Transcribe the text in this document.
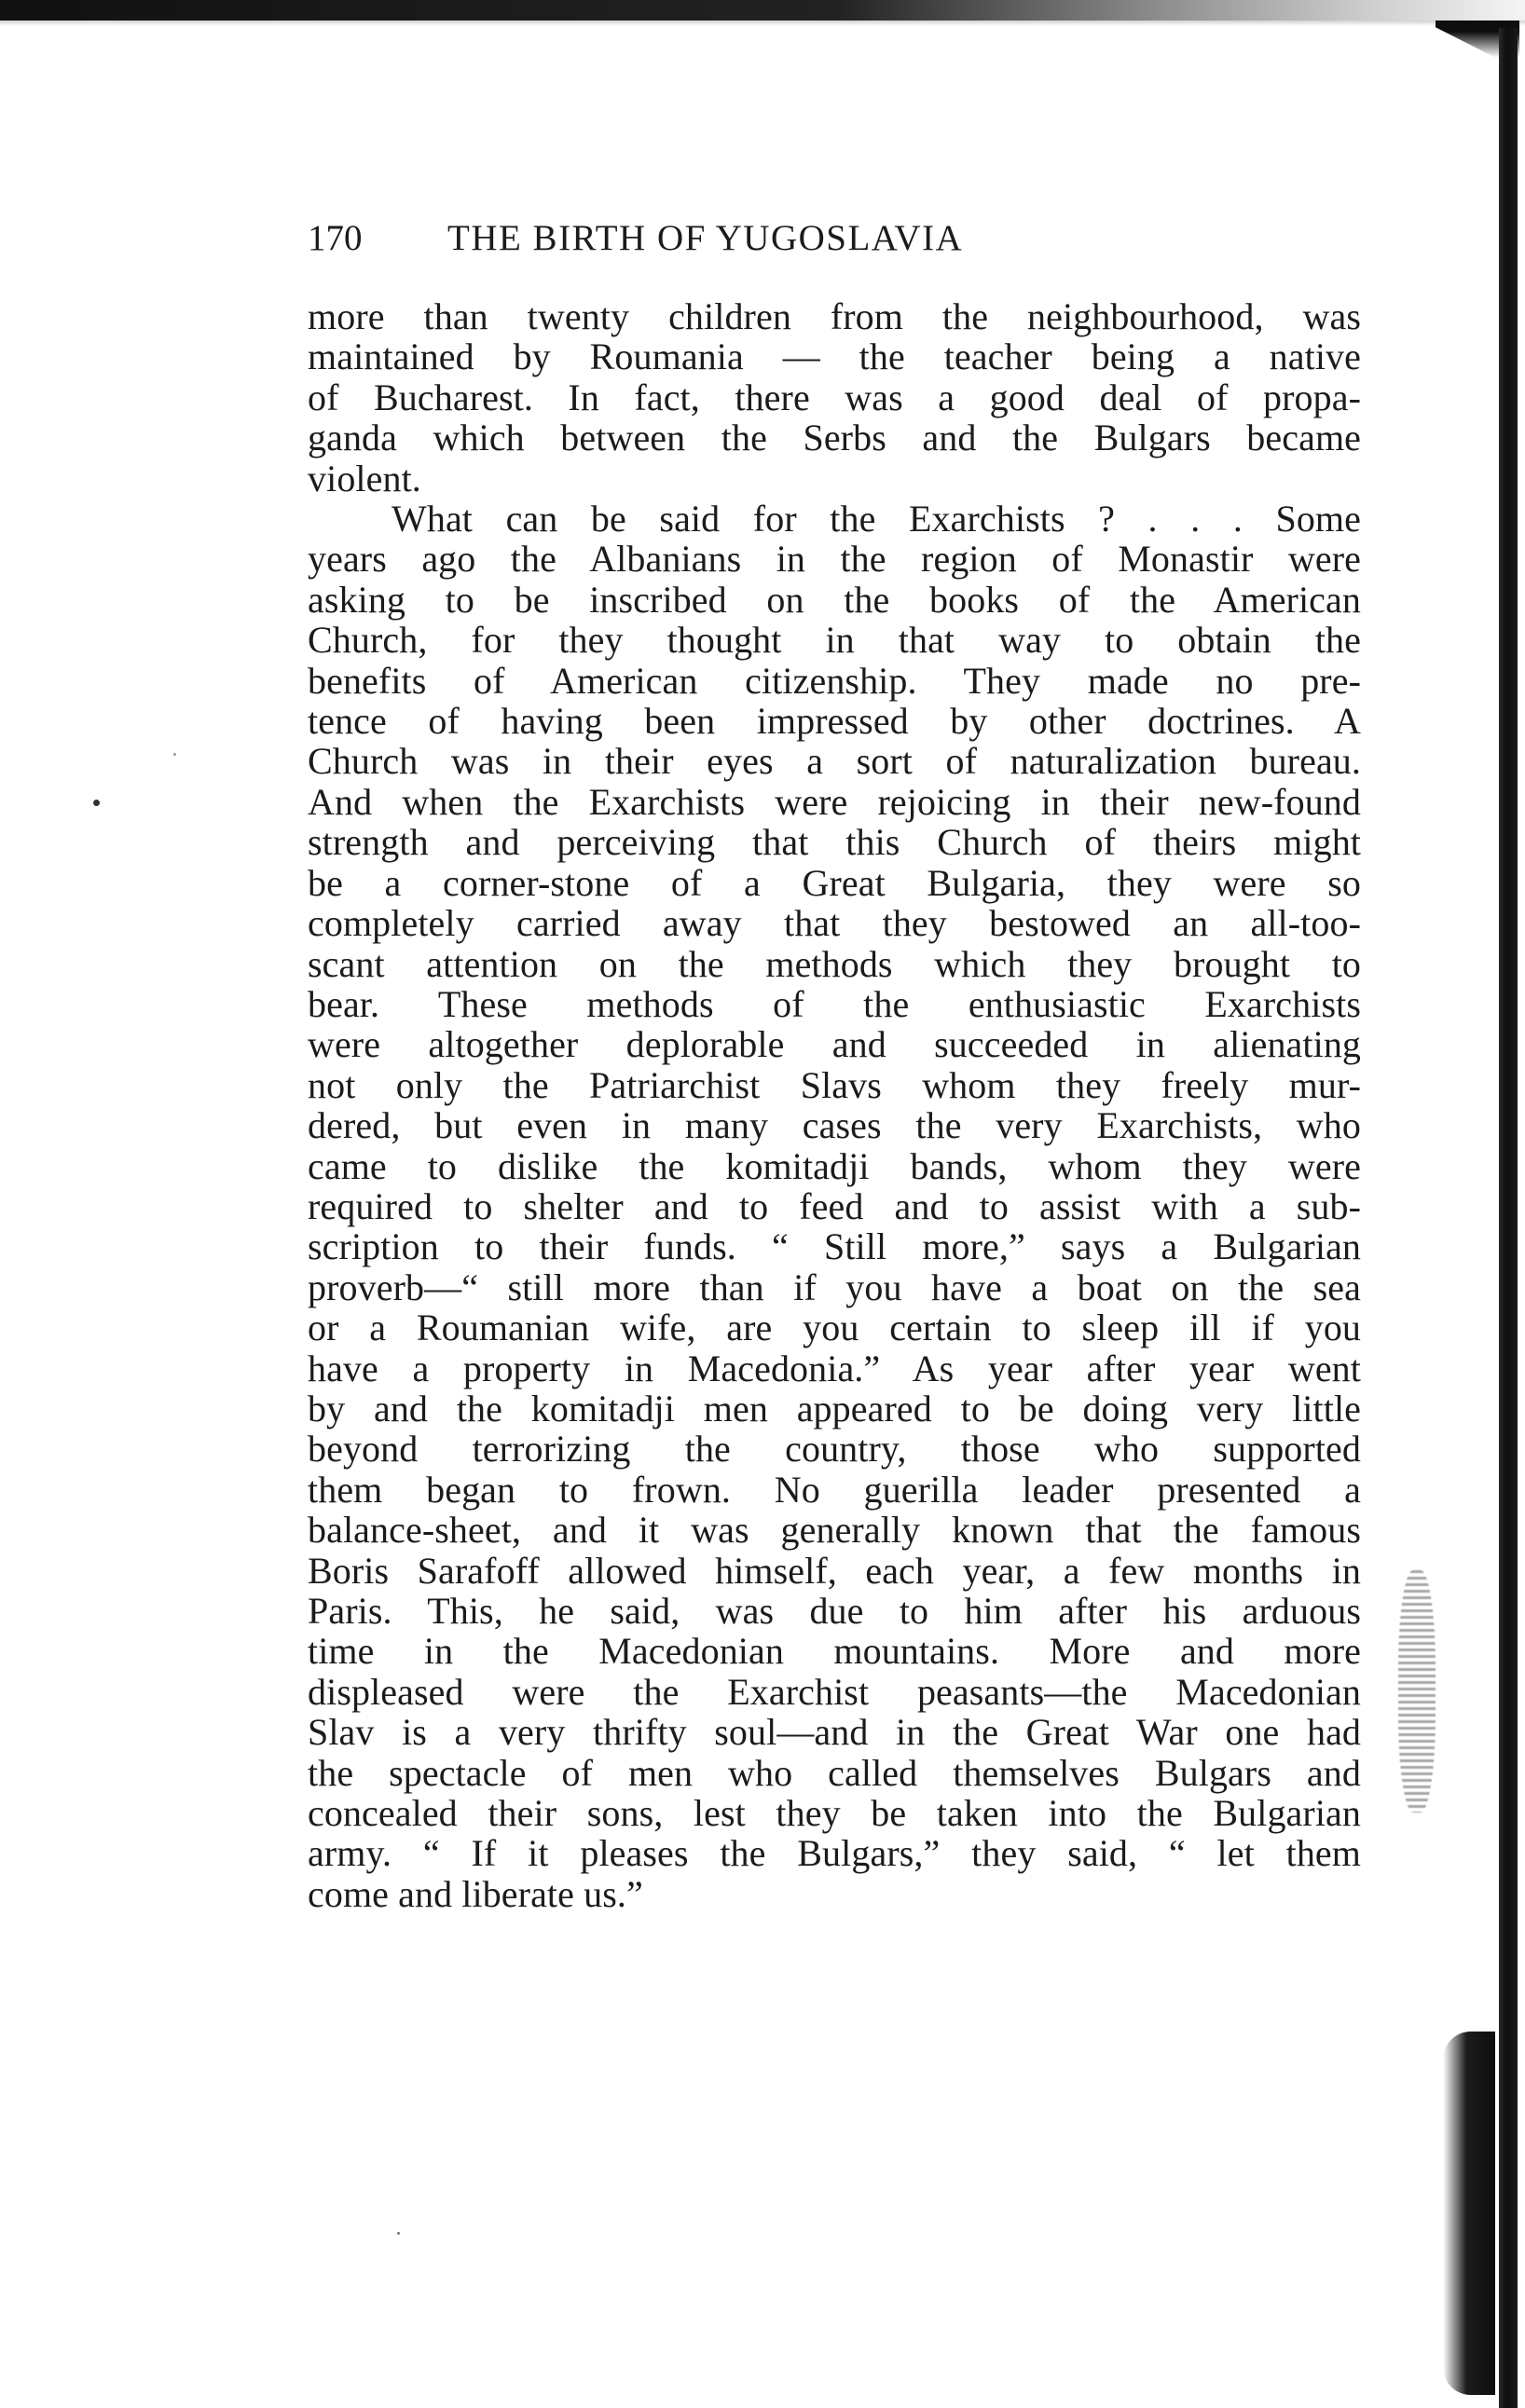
170 THE BIRTH OF YUGOSLAVIA
more than twenty children from the neighbourhood, was
maintained by Roumania — the teacher being a native
of Bucharest. In fact, there was a good deal of propa-
ganda which between the Serbs and the Bulgars became
violent.
What can be said for the Exarchists ? . . . Some
years ago the Albanians in the region of Monastir were
asking to be inscribed on the books of the American
Church, for they thought in that way to obtain the
benefits of American citizenship. They made no pre-
tence of having been impressed by other doctrines. A
Church was in their eyes a sort of naturalization bureau.
And when the Exarchists were rejoicing in their new-found
strength and perceiving that this Church of theirs might
be a corner-stone of a Great Bulgaria, they were so
completely carried away that they bestowed an all-too-
scant attention on the methods which they brought to
bear. These methods of the enthusiastic Exarchists
were altogether deplorable and succeeded in alienating
not only the Patriarchist Slavs whom they freely mur-
dered, but even in many cases the very Exarchists, who
came to dislike the komitadji bands, whom they were
required to shelter and to feed and to assist with a sub-
scription to their funds. “ Still more,” says a Bulgarian
proverb—“ still more than if you have a boat on the sea
or a Roumanian wife, are you certain to sleep ill if you
have a property in Macedonia.” As year after year went
by and the komitadji men appeared to be doing very little
beyond terrorizing the country, those who supported
them began to frown. No guerilla leader presented a
balance-sheet, and it was generally known that the famous
Boris Sarafoff allowed himself, each year, a few months in
Paris. This, he said, was due to him after his arduous
time in the Macedonian mountains. More and more
displeased were the Exarchist peasants—the Macedonian
Slav is a very thrifty soul—and in the Great War one had
the spectacle of men who called themselves Bulgars and
concealed their sons, lest they be taken into the Bulgarian
army. “ If it pleases the Bulgars,” they said, “ let them
come and liberate us.”
